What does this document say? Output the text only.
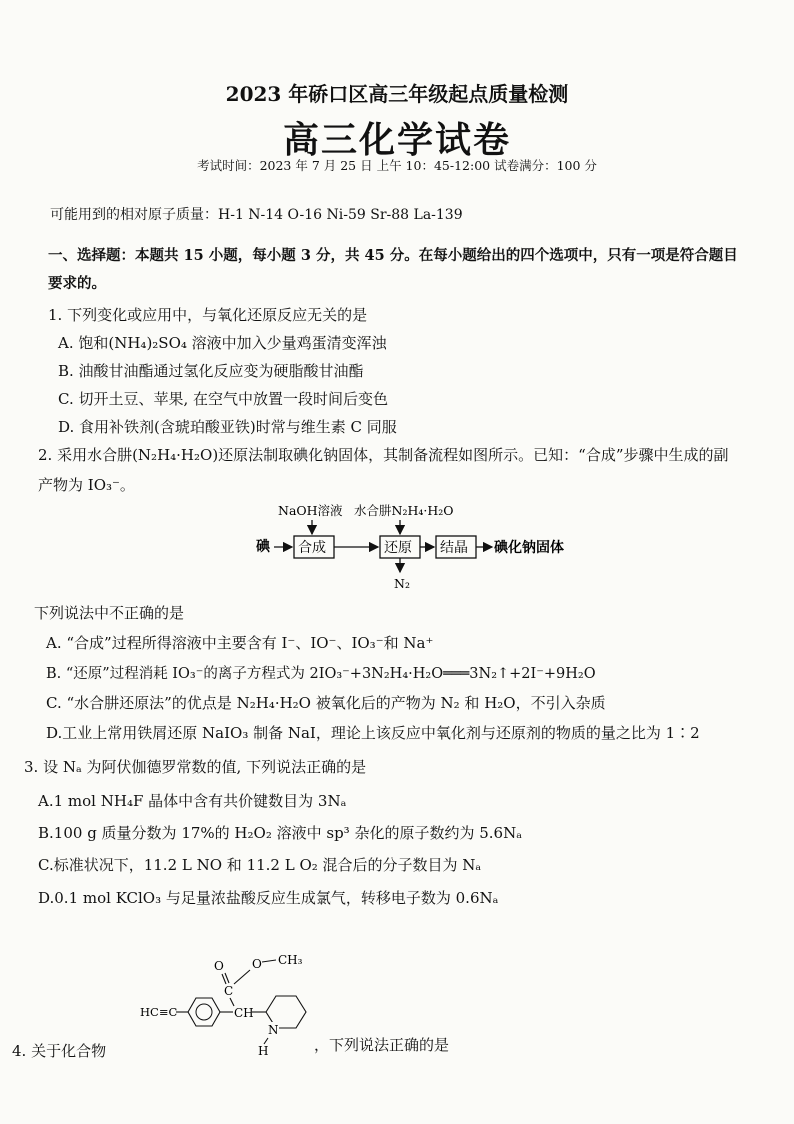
2023 年硚口区高三年级起点质量检测
高三化学试卷
考试时间：2023 年 7 月 25 日 上午 10：45-12:00 试卷满分：100 分
可能用到的相对原子质量：H-1 N-14 O-16 Ni-59 Sr-88 La-139
一、选择题：本题共 15 小题，每小题 3 分，共 45 分。在每小题给出的四个选项中，只有一项是符合题目
要求的。
1. 下列变化或应用中，与氧化还原反应无关的是
A. 饱和(NH₄)₂SO₄ 溶液中加入少量鸡蛋清变浑浊
B. 油酸甘油酯通过氢化反应变为硬脂酸甘油酯
C. 切开土豆、苹果, 在空气中放置一段时间后变色
D. 食用补铁剂(含琥珀酸亚铁)时常与维生素 C 同服
2. 采用水合肼(N₂H₄·H₂O)还原法制取碘化钠固体，其制备流程如图所示。已知：“合成”步骤中生成的副
产物为 IO₃⁻。
NaOH溶液 水合肼N₂H₄·H₂O
碘 合成	还原 结晶 碘化钠固体
N₂
下列说法中不正确的是
A. “合成”过程所得溶液中主要含有 I⁻、IO⁻、IO₃⁻和 Na⁺
B. “还原”过程消耗 IO₃⁻的离子方程式为 2IO₃⁻+3N₂H₄·H₂O═══3N₂↑+2I⁻+9H₂O
C. “水合肼还原法”的优点是 N₂H₄·H₂O 被氧化后的产物为 N₂ 和 H₂O，不引入杂质
D.工业上常用铁屑还原 NaIO₃ 制备 NaI，理论上该反应中氧化剂与还原剂的物质的量之比为 1∶2
3. 设 Nₐ 为阿伏伽德罗常数的值, 下列说法正确的是
A.1 mol NH₄F 晶体中含有共价键数目为 3Nₐ
B.100 g 质量分数为 17%的 H₂O₂ 溶液中 sp³ 杂化的原子数约为 5.6Nₐ
C.标准状况下，11.2 L NO 和 11.2 L O₂ 混合后的分子数目为 Nₐ
D.0.1 mol KClO₃ 与足量浓盐酸反应生成氯气，转移电子数为 0.6Nₐ
O
C
O CH₃
CH
HC≡C
N
H
4. 关于化合物	，下列说法正确的是
